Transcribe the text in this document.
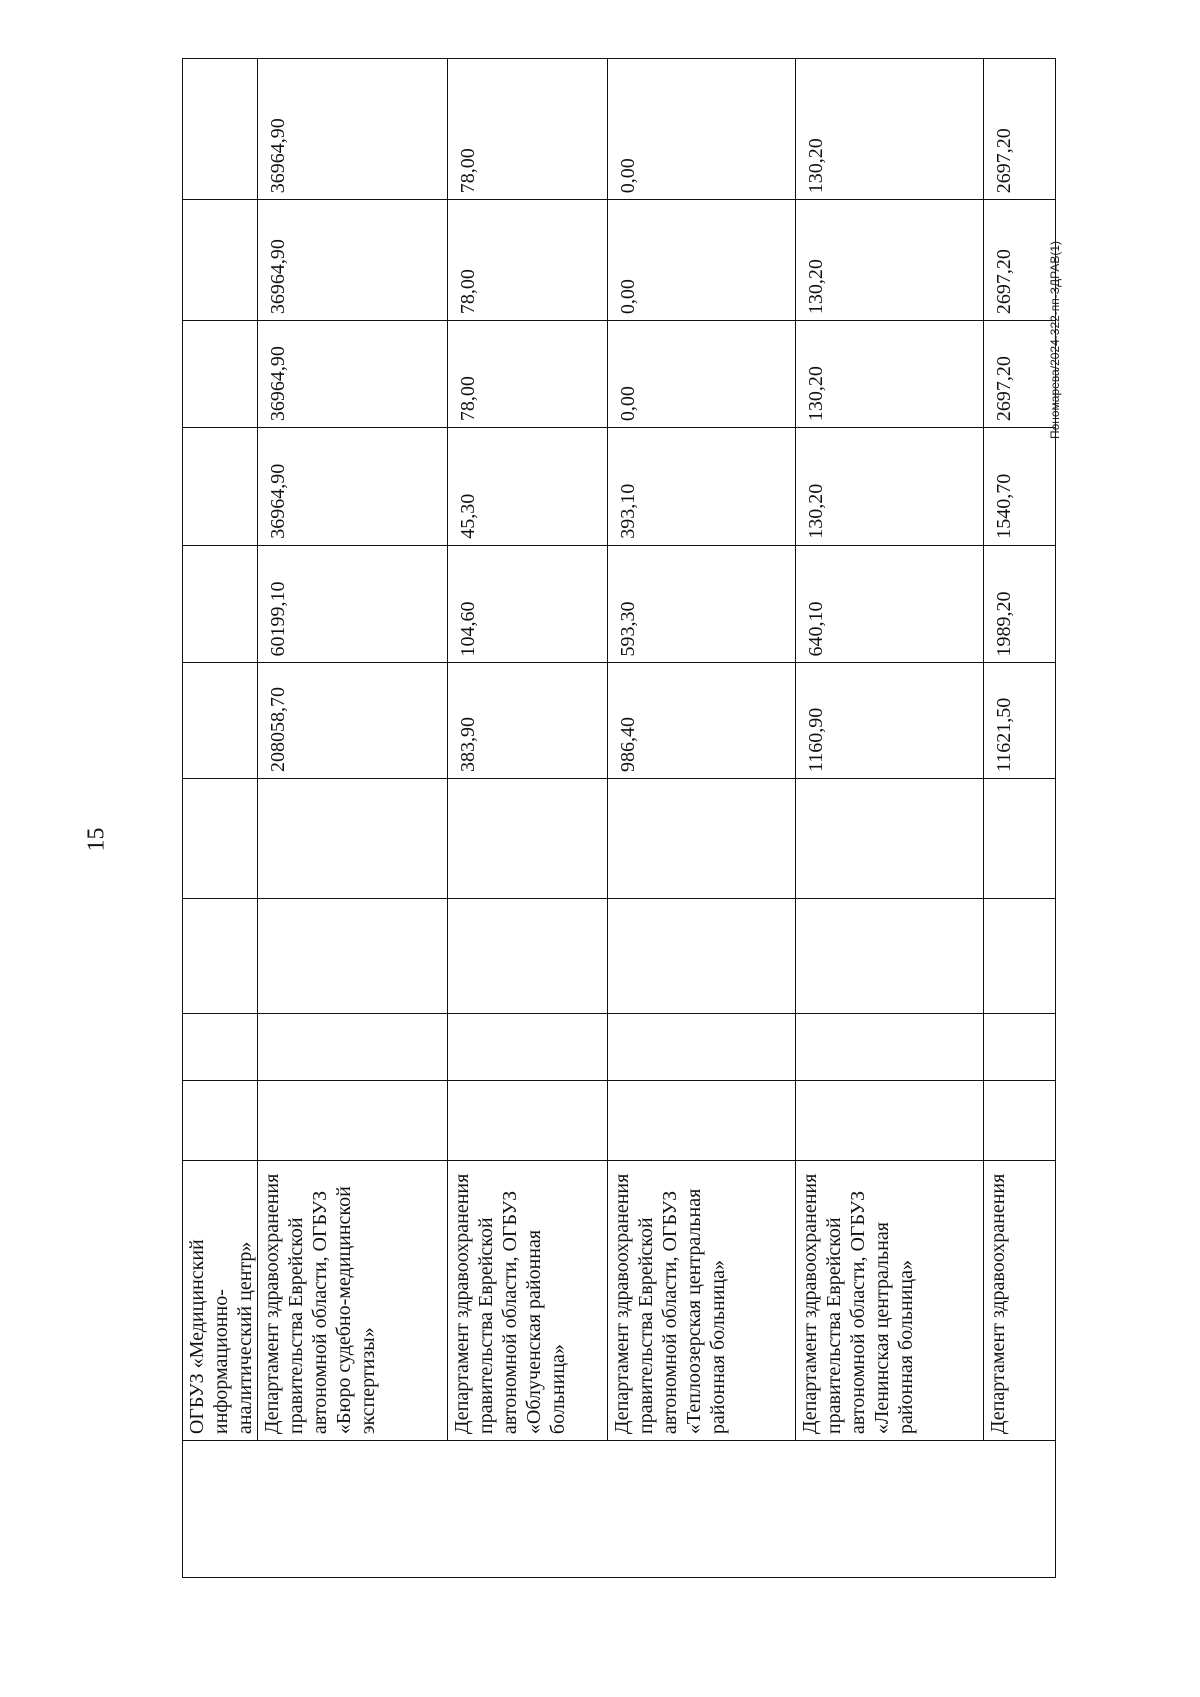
15
Пономарева/2024-322-пп-ЗДРАВ(1)
	ОГБУЗ «Медицинский информационно-аналитический центр»										
	Департамент здравоохранения правительства Еврейской автономной области, ОГБУЗ «Бюро судебно-медицинской экспертизы»					208058,70	60199,10	36964,90	36964,90	36964,90	36964,90
	Департамент здравоохранения правительства Еврейской автономной области, ОГБУЗ «Облученская районная больница»					383,90	104,60	45,30	78,00	78,00	78,00
	Департамент здравоохранения правительства Еврейской автономной области, ОГБУЗ «Теплоозерская центральная районная больница»					986,40	593,30	393,10	0,00	0,00	0,00
	Департамент здравоохранения правительства Еврейской автономной области, ОГБУЗ «Ленинская центральная районная больница»					1160,90	640,10	130,20	130,20	130,20	130,20
	Департамент здравоохранения					11621,50	1989,20	1540,70	2697,20	2697,20	2697,20
